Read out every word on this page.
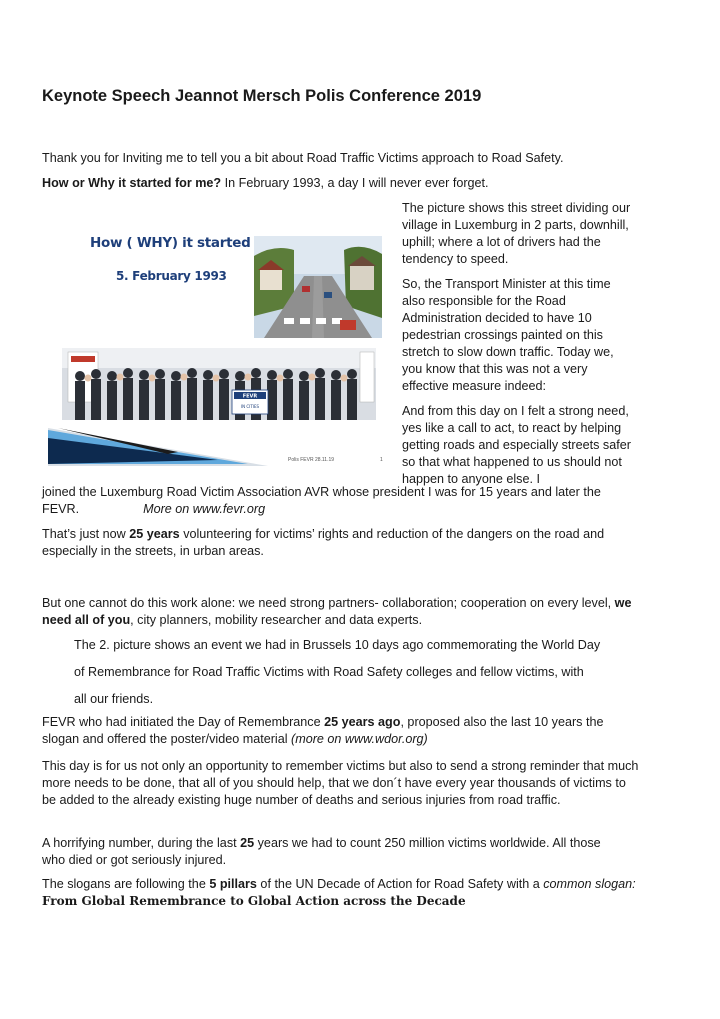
Keynote Speech Jeannot Mersch Polis Conference 2019

Thank you for Inviting me to tell you a bit about Road Traffic Victims approach to Road Safety.

How or Why it started for me? In February 1993, a day I will never ever forget.

How ( WHY) it started

5. February 1993

FEVR
IN CITIES

Polis FEVR 28.11.19	1

The picture shows this street dividing our village in Luxemburg in 2 parts, downhill, uphill; where a lot of drivers had the tendency to speed.

So, the Transport Minister at this time also responsible for the Road Administration decided to have 10 pedestrian crossings painted on this stretch to slow down traffic. Today we, you know that this was not a very effective measure indeed:

And from this day on I felt a strong need, yes like a call to act, to react by helping getting roads and especially streets safer so that what happened to us should not happen to anyone else. I

joined the Luxemburg Road Victim Association AVR whose president I was for 15 years and later the FEVR.	More on www.fevr.org

That’s just now 25 years volunteering for victims’ rights and reduction of the dangers on the road and especially in the streets, in urban areas.

But one cannot do this work alone: we need strong partners- collaboration; cooperation on every level, we need all of you, city planners, mobility researcher and data experts.

The 2. picture shows an event we had in Brussels 10 days ago commemorating the World Day

of Remembrance for Road Traffic Victims with Road Safety colleges and fellow victims, with

all our friends.

FEVR who had initiated the Day of Remembrance 25 years ago, proposed also the last 10 years the slogan and offered the poster/video material (more on www.wdor.org)

This day is for us not only an opportunity to remember victims but also to send a strong reminder that much more needs to be done, that all of you should help, that we don´t have every year thousands of victims to be added to the already existing huge number of deaths and serious injuries from road traffic.

A horrifying number, during the last 25 years we had to count 250 million victims worldwide. All those who died or got seriously injured.

The slogans are following the 5 pillars of the UN Decade of Action for Road Safety with a common slogan: From Global Remembrance to Global Action across the Decade
